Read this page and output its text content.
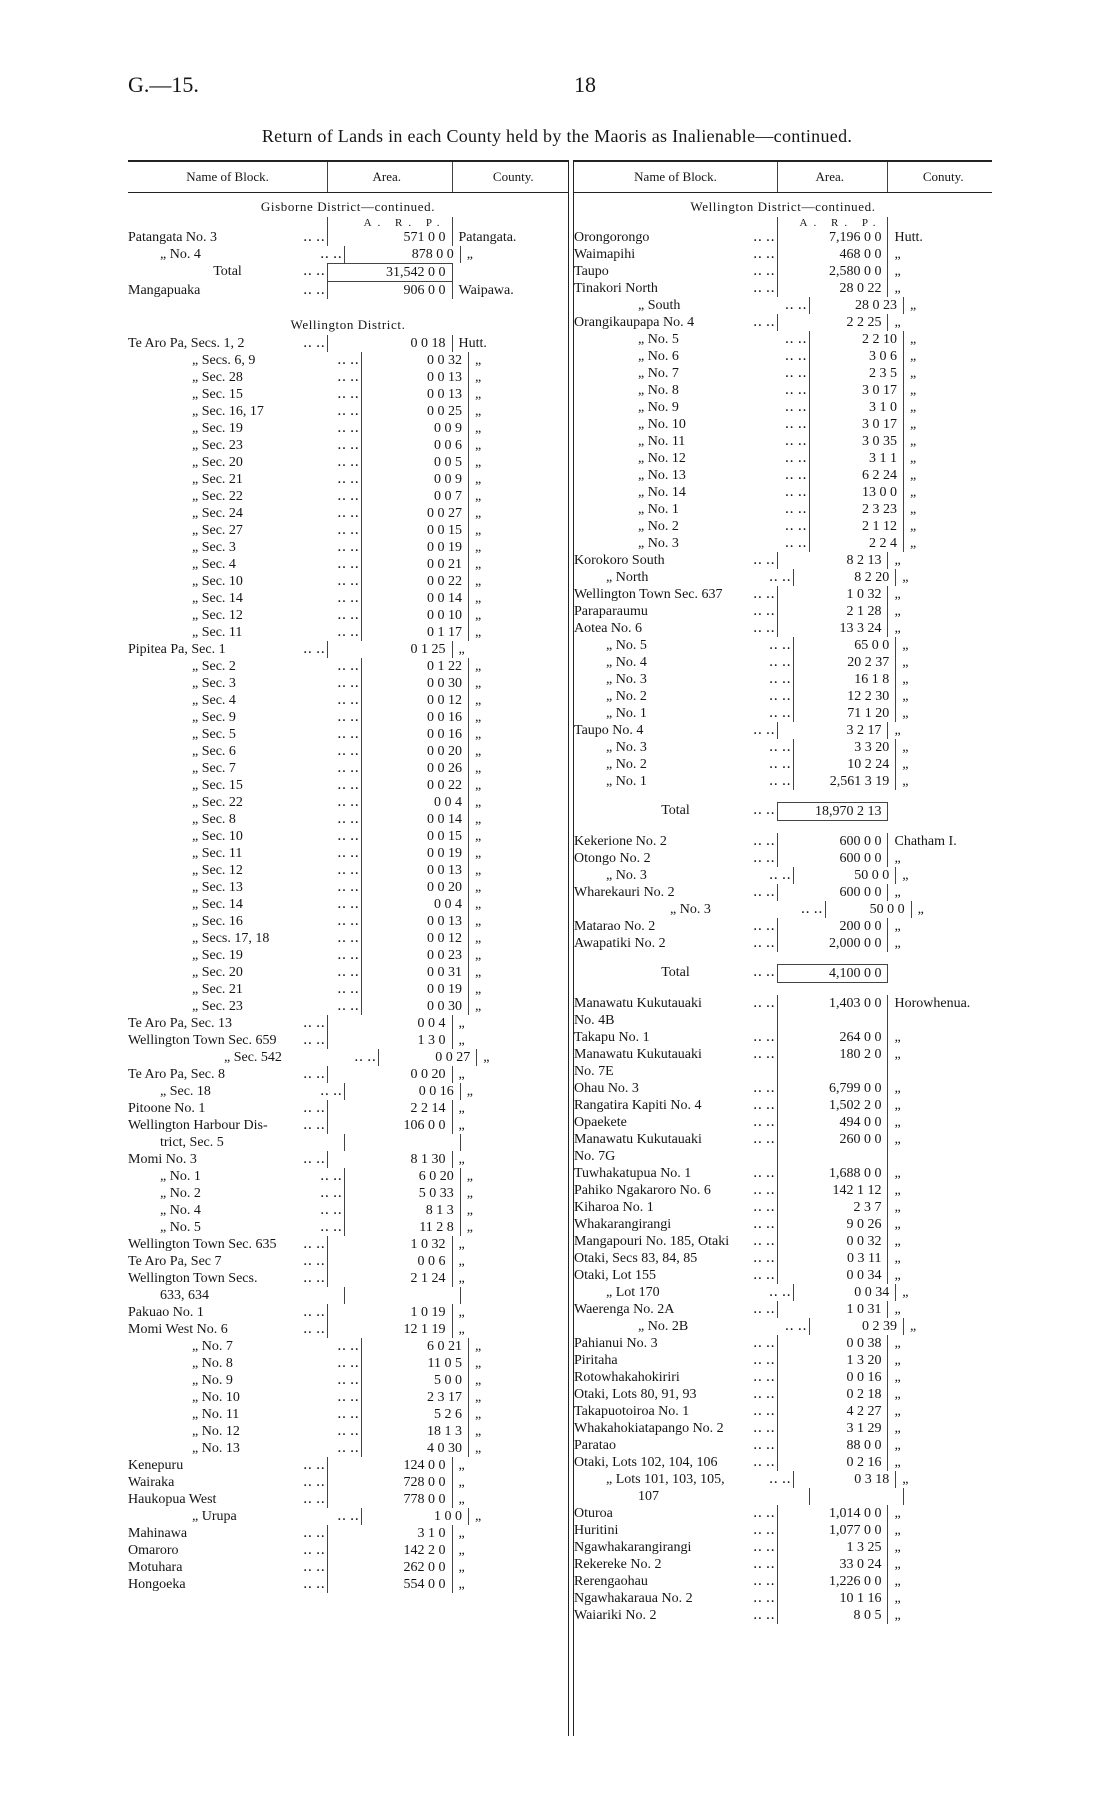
G.—15.	18
Return of Lands in each County held by the Maoris as Inalienable—continued.
Name of Block.	Area.	County.
Gisborne District—continued.
A. R. P.
Patangata No. 3	‥ ‥	571 0 0 Patangata.
„ No. 4	‥ ‥	878 0 0 „
Total	‥ ‥	31,542 0 0
Mangapuaka	‥ ‥	906 0 0 Waipawa.
Wellington District.
Te Aro Pa, Secs. 1, 2	‥ ‥	0 0 18 Hutt.
„ Secs. 6, 9	‥ ‥	0 0 32 „
„ Sec. 28	‥ ‥	0 0 13 „
„ Sec. 15	‥ ‥	0 0 13 „
„ Sec. 16, 17	‥ ‥	0 0 25 „
„ Sec. 19	‥ ‥	0 0 9 „
„ Sec. 23	‥ ‥	0 0 6 „
„ Sec. 20	‥ ‥	0 0 5 „
„ Sec. 21	‥ ‥	0 0 9 „
„ Sec. 22	‥ ‥	0 0 7 „
„ Sec. 24	‥ ‥	0 0 27 „
„ Sec. 27	‥ ‥	0 0 15 „
„ Sec. 3	‥ ‥	0 0 19 „
„ Sec. 4	‥ ‥	0 0 21 „
„ Sec. 10	‥ ‥	0 0 22 „
„ Sec. 14	‥ ‥	0 0 14 „
„ Sec. 12	‥ ‥	0 0 10 „
„ Sec. 11	‥ ‥	0 1 17 „
Pipitea Pa, Sec. 1	‥ ‥	0 1 25 „
„ Sec. 2	‥ ‥	0 1 22 „
„ Sec. 3	‥ ‥	0 0 30 „
„ Sec. 4	‥ ‥	0 0 12 „
„ Sec. 9	‥ ‥	0 0 16 „
„ Sec. 5	‥ ‥	0 0 16 „
„ Sec. 6	‥ ‥	0 0 20 „
„ Sec. 7	‥ ‥	0 0 26 „
„ Sec. 15	‥ ‥	0 0 22 „
„ Sec. 22	‥ ‥	0 0 4 „
„ Sec. 8	‥ ‥	0 0 14 „
„ Sec. 10	‥ ‥	0 0 15 „
„ Sec. 11	‥ ‥	0 0 19 „
„ Sec. 12	‥ ‥	0 0 13 „
„ Sec. 13	‥ ‥	0 0 20 „
„ Sec. 14	‥ ‥	0 0 4 „
„ Sec. 16	‥ ‥	0 0 13 „
„ Secs. 17, 18	‥ ‥	0 0 12 „
„ Sec. 19	‥ ‥	0 0 23 „
„ Sec. 20	‥ ‥	0 0 31 „
„ Sec. 21	‥ ‥	0 0 19 „
„ Sec. 23	‥ ‥	0 0 30 „
Te Aro Pa, Sec. 13	‥ ‥	0 0 4 „
Wellington Town Sec. 659 ‥ ‥	1 3 0 „
„ Sec. 542	‥ ‥	0 0 27 „
Te Aro Pa, Sec. 8	‥ ‥	0 0 20 „
„ Sec. 18	‥ ‥	0 0 16 „
Pitoone No. 1	‥ ‥	2 2 14 „
Wellington Harbour Dis-	‥ ‥	106 0 0 „
trict, Sec. 5
Momi No. 3	‥ ‥	8 1 30 „
„ No. 1	‥ ‥	6 0 20 „
„ No. 2	‥ ‥	5 0 33 „
„ No. 4	‥ ‥	8 1 3 „
„ No. 5	‥ ‥	11 2 8 „
Wellington Town Sec. 635 ‥ ‥	1 0 32 „
Te Aro Pa, Sec 7	‥ ‥	0 0 6 „
Wellington Town Secs.	‥ ‥	2 1 24 „
633, 634
Pakuao No. 1	‥ ‥	1 0 19 „
Momi West No. 6	‥ ‥	12 1 19 „
„ No. 7	‥ ‥	6 0 21 „
„ No. 8	‥ ‥	11 0 5 „
„ No. 9	‥ ‥	5 0 0 „
„ No. 10	‥ ‥	2 3 17 „
„ No. 11	‥ ‥	5 2 6 „
„ No. 12	‥ ‥	18 1 3 „
„ No. 13	‥ ‥	4 0 30 „
Kenepuru	‥ ‥	124 0 0 „
Wairaka	‥ ‥	728 0 0 „
Haukopua West	‥ ‥	778 0 0 „
„ Urupa	‥ ‥	1 0 0 „
Mahinawa	‥ ‥	3 1 0 „
Omaroro	‥ ‥	142 2 0 „
Motuhara	‥ ‥	262 0 0 „
Hongoeka	‥ ‥	554 0 0 „
Name of Block.	Area.	Conuty.
Wellington District—continued.
A. R. P.
Orongorongo	‥ ‥	7,196 0 0 Hutt.
Waimapihi	‥ ‥	468 0 0 „
Taupo	‥ ‥	2,580 0 0 „
Tinakori North	‥ ‥	28 0 22 „
„ South	‥ ‥	28 0 23 „
Orangikaupapa No. 4	‥ ‥	2 2 25 „
„ No. 5	‥ ‥	2 2 10 „
„ No. 6	‥ ‥	3 0 6 „
„ No. 7	‥ ‥	2 3 5 „
„ No. 8	‥ ‥	3 0 17 „
„ No. 9	‥ ‥	3 1 0 „
„ No. 10	‥ ‥	3 0 17 „
„ No. 11	‥ ‥	3 0 35 „
„ No. 12	‥ ‥	3 1 1 „
„ No. 13	‥ ‥	6 2 24 „
„ No. 14	‥ ‥	13 0 0 „
„ No. 1	‥ ‥	2 3 23 „
„ No. 2	‥ ‥	2 1 12 „
„ No. 3	‥ ‥	2 2 4 „
Korokoro South	‥ ‥	8 2 13 „
„ North	‥ ‥	8 2 20 „
Wellington Town Sec. 637 ‥ ‥	1 0 32 „
Paraparaumu	‥ ‥	2 1 28 „
Aotea No. 6	‥ ‥	13 3 24 „
„ No. 5	‥ ‥	65 0 0 „
„ No. 4	‥ ‥	20 2 37 „
„ No. 3	‥ ‥	16 1 8 „
„ No. 2	‥ ‥	12 2 30 „
„ No. 1	‥ ‥	71 1 20 „
Taupo No. 4	‥ ‥	3 2 17 „
„ No. 3	‥ ‥	3 3 20 „
„ No. 2	‥ ‥	10 2 24 „
„ No. 1	‥ ‥	2,561 3 19 „
Total	‥ ‥	18,970 2 13
Kekerione No. 2	‥ ‥	600 0 0 Chatham I.
Otongo No. 2	‥ ‥	600 0 0 „
„ No. 3	‥ ‥	50 0 0 „
Wharekauri No. 2	‥ ‥	600 0 0 „
„ No. 3	‥ ‥	50 0 0 „
Matarao No. 2	‥ ‥	200 0 0 „
Awapatiki No. 2	‥ ‥	2,000 0 0 „
Total	‥ ‥	4,100 0 0
Manawatu Kukutauaki	‥ ‥	1,403 0 0 Horowhenua.
No. 4B
Takapu No. 1	‥ ‥	264 0 0 „
Manawatu Kukutauaki	‥ ‥	180 2 0 „
No. 7E
Ohau No. 3	‥ ‥	6,799 0 0 „
Rangatira Kapiti No. 4	‥ ‥	1,502 2 0 „
Opaekete	‥ ‥	494 0 0 „
Manawatu Kukutauaki	‥ ‥	260 0 0 „
No. 7G
Tuwhakatupua No. 1	‥ ‥	1,688 0 0 „
Pahiko Ngakaroro No. 6	‥ ‥	142 1 12 „
Kiharoa No. 1	‥ ‥	2 3 7 „
Whakarangirangi	‥ ‥	9 0 26 „
Mangapouri No. 185, Otaki ‥ ‥	0 0 32 „
Otaki, Secs 83, 84, 85	‥ ‥	0 3 11 „
Otaki, Lot 155	‥ ‥	0 0 34 „
„ Lot 170	‥ ‥	0 0 34 „
Waerenga No. 2A	‥ ‥	1 0 31 „
„ No. 2B	‥ ‥	0 2 39 „
Pahianui No. 3	‥ ‥	0 0 38 „
Piritaha	‥ ‥	1 3 20 „
Rotowhakahokiriri	‥ ‥	0 0 16 „
Otaki, Lots 80, 91, 93	‥ ‥	0 2 18 „
Takapuotoiroa No. 1	‥ ‥	4 2 27 „
Whakahokiatapango No. 2 ‥ ‥	3 1 29 „
Paratao	‥ ‥	88 0 0 „
Otaki, Lots 102, 104, 106	‥ ‥	0 2 16 „
„ Lots 101, 103, 105,	‥ ‥	0 3 18 „
107
Oturoa	‥ ‥	1,014 0 0 „
Huritini	‥ ‥	1,077 0 0 „
Ngawhakarangirangi	‥ ‥	1 3 25 „
Rekereke No. 2	‥ ‥	33 0 24 „
Rerengaohau	‥ ‥	1,226 0 0 „
Ngawhakaraua No. 2	‥ ‥	10 1 16 „
Waiariki No. 2	‥ ‥	8 0 5 „
